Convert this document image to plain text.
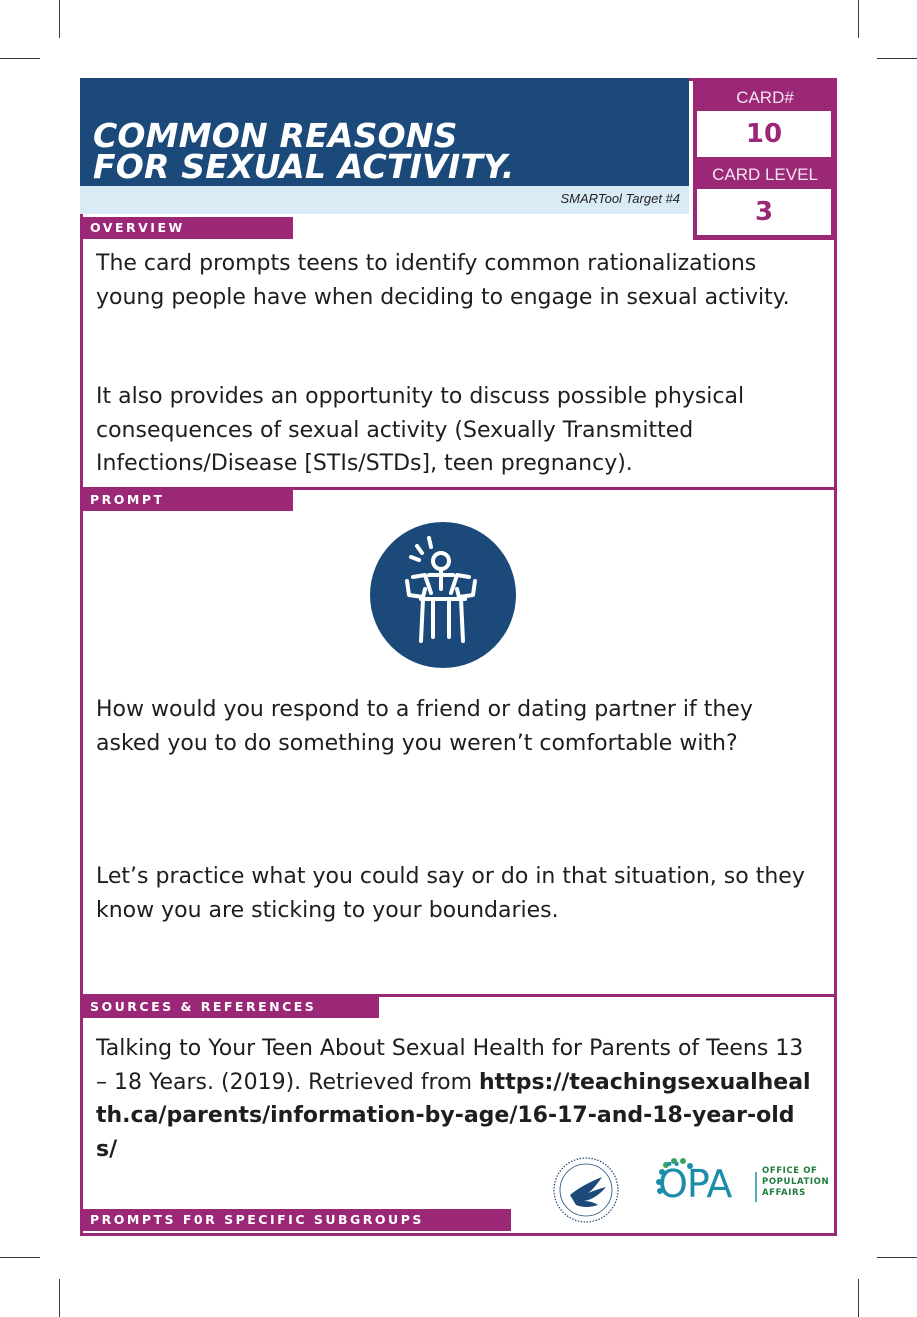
COMMON REASONS
FOR SEXUAL ACTIVITY.
SMARTool Target #4
CARD#
10
CARD LEVEL
3
OVERVIEW

The card prompts teens to identify common rationalizations young people have when deciding to engage in sexual activity.

It also provides an opportunity to discuss possible physical consequences of sexual activity (Sexually Transmitted Infections/Disease [STIs/STDs], teen pregnancy).

PROMPT

How would you respond to a friend or dating partner if they asked you to do something you weren’t comfortable with?

Let’s practice what you could say or do in that situation, so they know you are sticking to your boundaries.

SOURCES & REFERENCES

Talking to Your Teen About Sexual Health for Parents of Teens 13 – 18 Years. (2019). Retrieved from https://teachingsexualhealth.ca/parents/information-by-age/16-17-and-18-year-olds/

ÖPA	OFFICE OF
POPULATION
AFFAIRS
PROMPTS F0R SPECIFIC SUBGROUPS
